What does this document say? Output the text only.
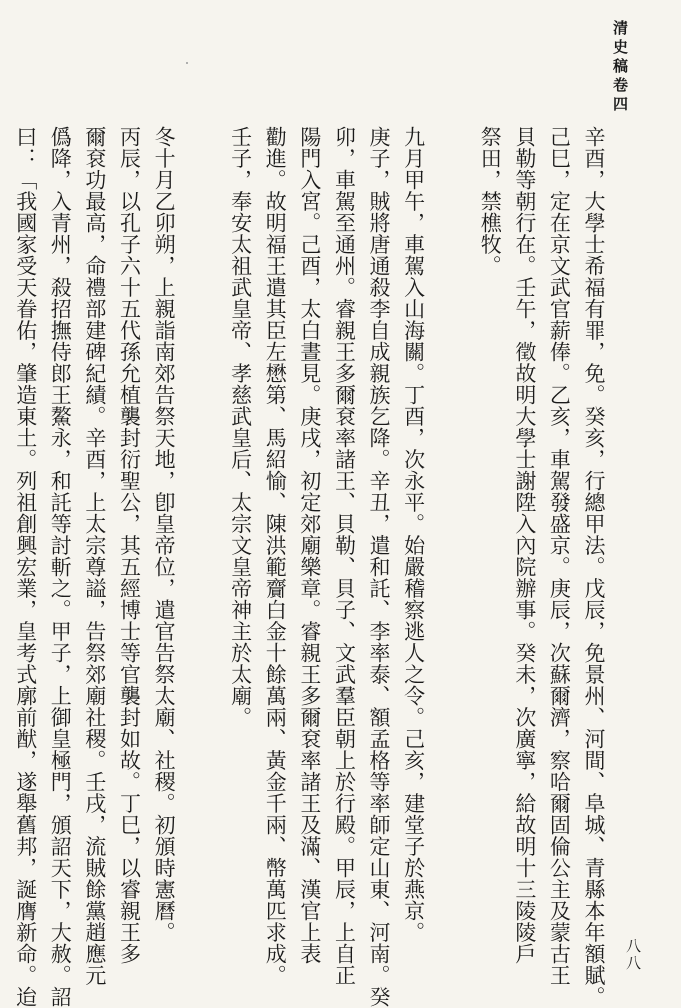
清史稿卷四
八八
辛酉，大學士希福有罪，免。癸亥，行總甲法。戊辰，免景州、河間、阜城、青縣本年額賦。
己巳，定在京文武官薪俸。乙亥，車駕發盛京。庚辰，次蘇爾濟，察哈爾固倫公主及蒙古王
貝勒等朝行在。壬午，徵故明大學士謝陞入內院辦事。癸未，次廣寧，給故明十三陵陵戶
祭田，禁樵牧。
九月甲午，車駕入山海關。丁酉，次永平。始嚴稽察逃人之令。己亥，建堂子於燕京。
庚子，賊將唐通殺李自成親族乞降。辛丑，遣和託、李率泰、額孟格等率師定山東、河南。癸
卯，車駕至通州。睿親王多爾袞率諸王、貝勒、貝子、文武羣臣朝上於行殿。甲辰，上自正
陽門入宮。己酉，太白晝見。庚戌，初定郊廟樂章。睿親王多爾袞率諸王及滿、漢官上表
勸進。故明福王遣其臣左懋第、馬紹愉、陳洪範齎白金十餘萬兩、黃金千兩、幣萬匹求成。
壬子，奉安太祖武皇帝、孝慈武皇后、太宗文皇帝神主於太廟。
冬十月乙卯朔，上親詣南郊告祭天地，卽皇帝位，遣官告祭太廟、社稷。初頒時憲曆。
丙辰，以孔子六十五代孫允植襲封衍聖公，其五經博士等官襲封如故。丁巳，以睿親王多
爾袞功最高，命禮部建碑紀績。辛酉，上太宗尊謚，告祭郊廟社稷。壬戌，流賊餘黨趙應元
僞降，入青州，殺招撫侍郎王鰲永，和託等討斬之。甲子，上御皇極門，頒詔天下，大赦。詔
曰：「我國家受天眷佑，肇造東土。列祖創興宏業，皇考式廓前猷，遂舉舊邦，誕膺新命。迨
